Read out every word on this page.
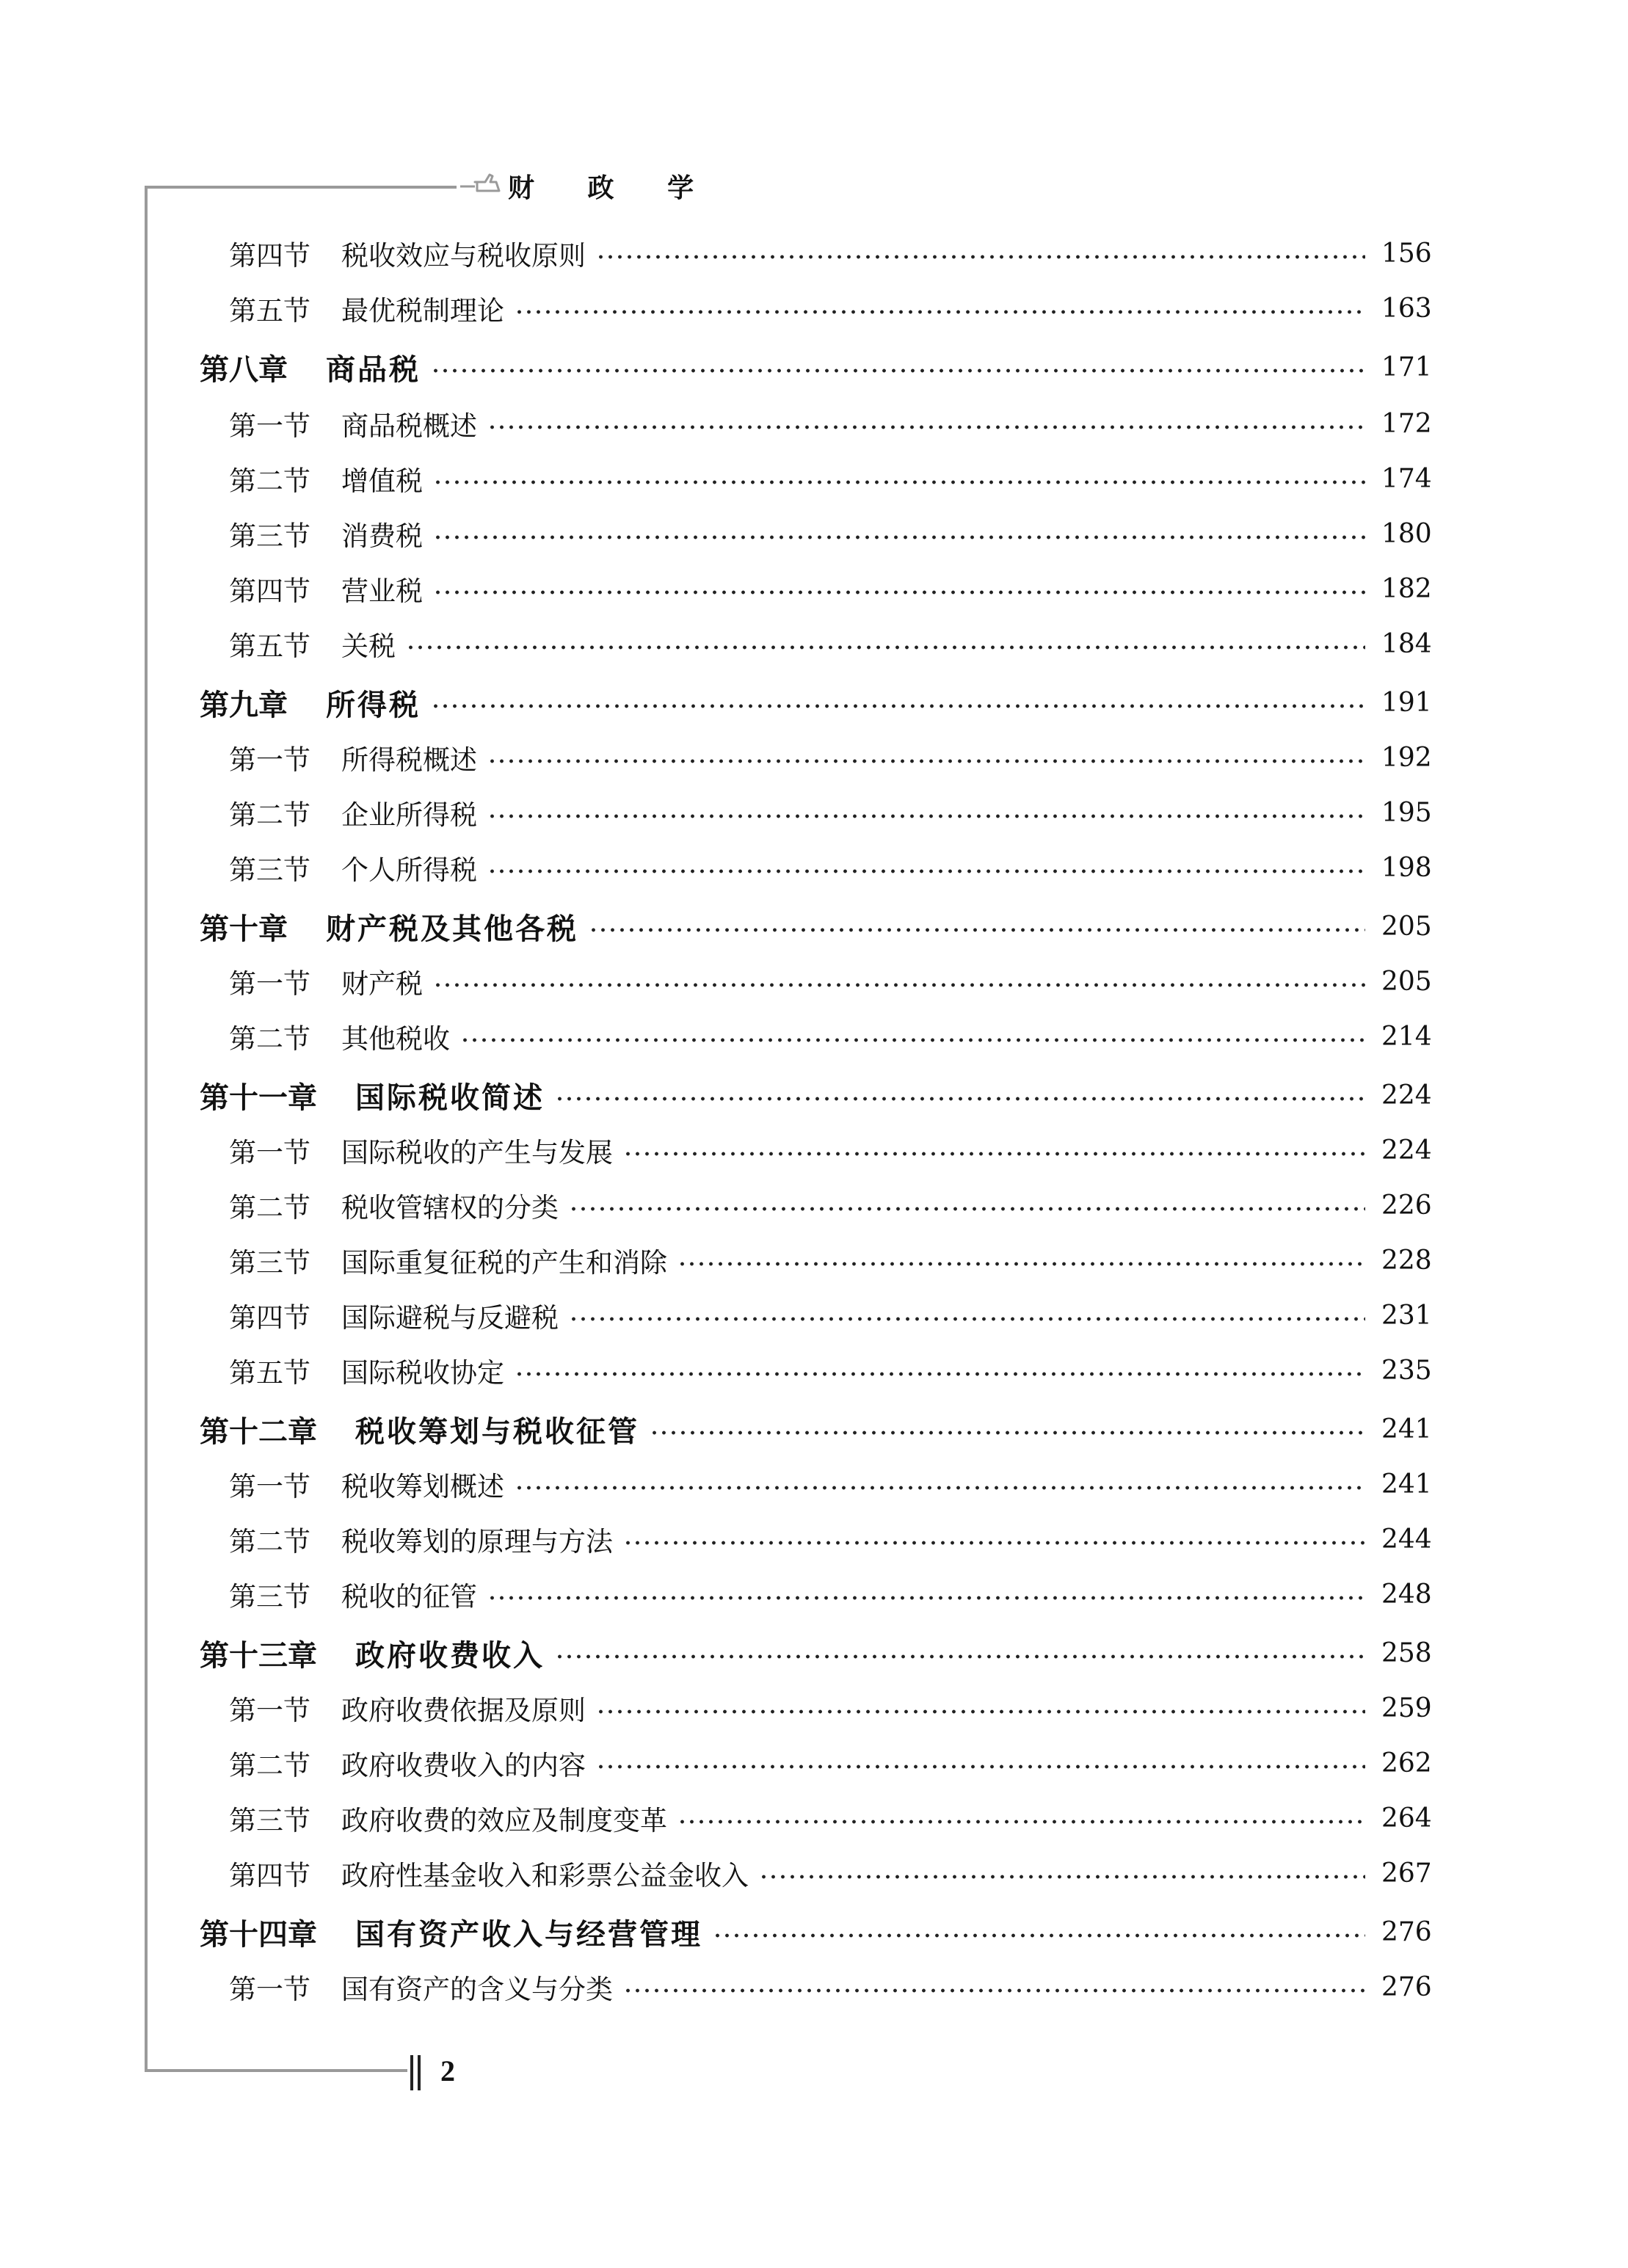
财 政 学
2
第四节 税收效应与税收原则	156
第五节 最优税制理论	163
第八章 商品税	171
第一节 商品税概述	172
第二节 增值税	174
第三节 消费税	180
第四节 营业税	182
第五节 关税	184
第九章 所得税	191
第一节 所得税概述	192
第二节 企业所得税	195
第三节 个人所得税	198
第十章 财产税及其他各税	205
第一节 财产税	205
第二节 其他税收	214
第十一章 国际税收简述	224
第一节 国际税收的产生与发展	224
第二节 税收管辖权的分类	226
第三节 国际重复征税的产生和消除	228
第四节 国际避税与反避税	231
第五节 国际税收协定	235
第十二章 税收筹划与税收征管	241
第一节 税收筹划概述	241
第二节 税收筹划的原理与方法	244
第三节 税收的征管	248
第十三章 政府收费收入	258
第一节 政府收费依据及原则	259
第二节 政府收费收入的内容	262
第三节 政府收费的效应及制度变革	264
第四节 政府性基金收入和彩票公益金收入	267
第十四章 国有资产收入与经营管理	276
第一节 国有资产的含义与分类	276
